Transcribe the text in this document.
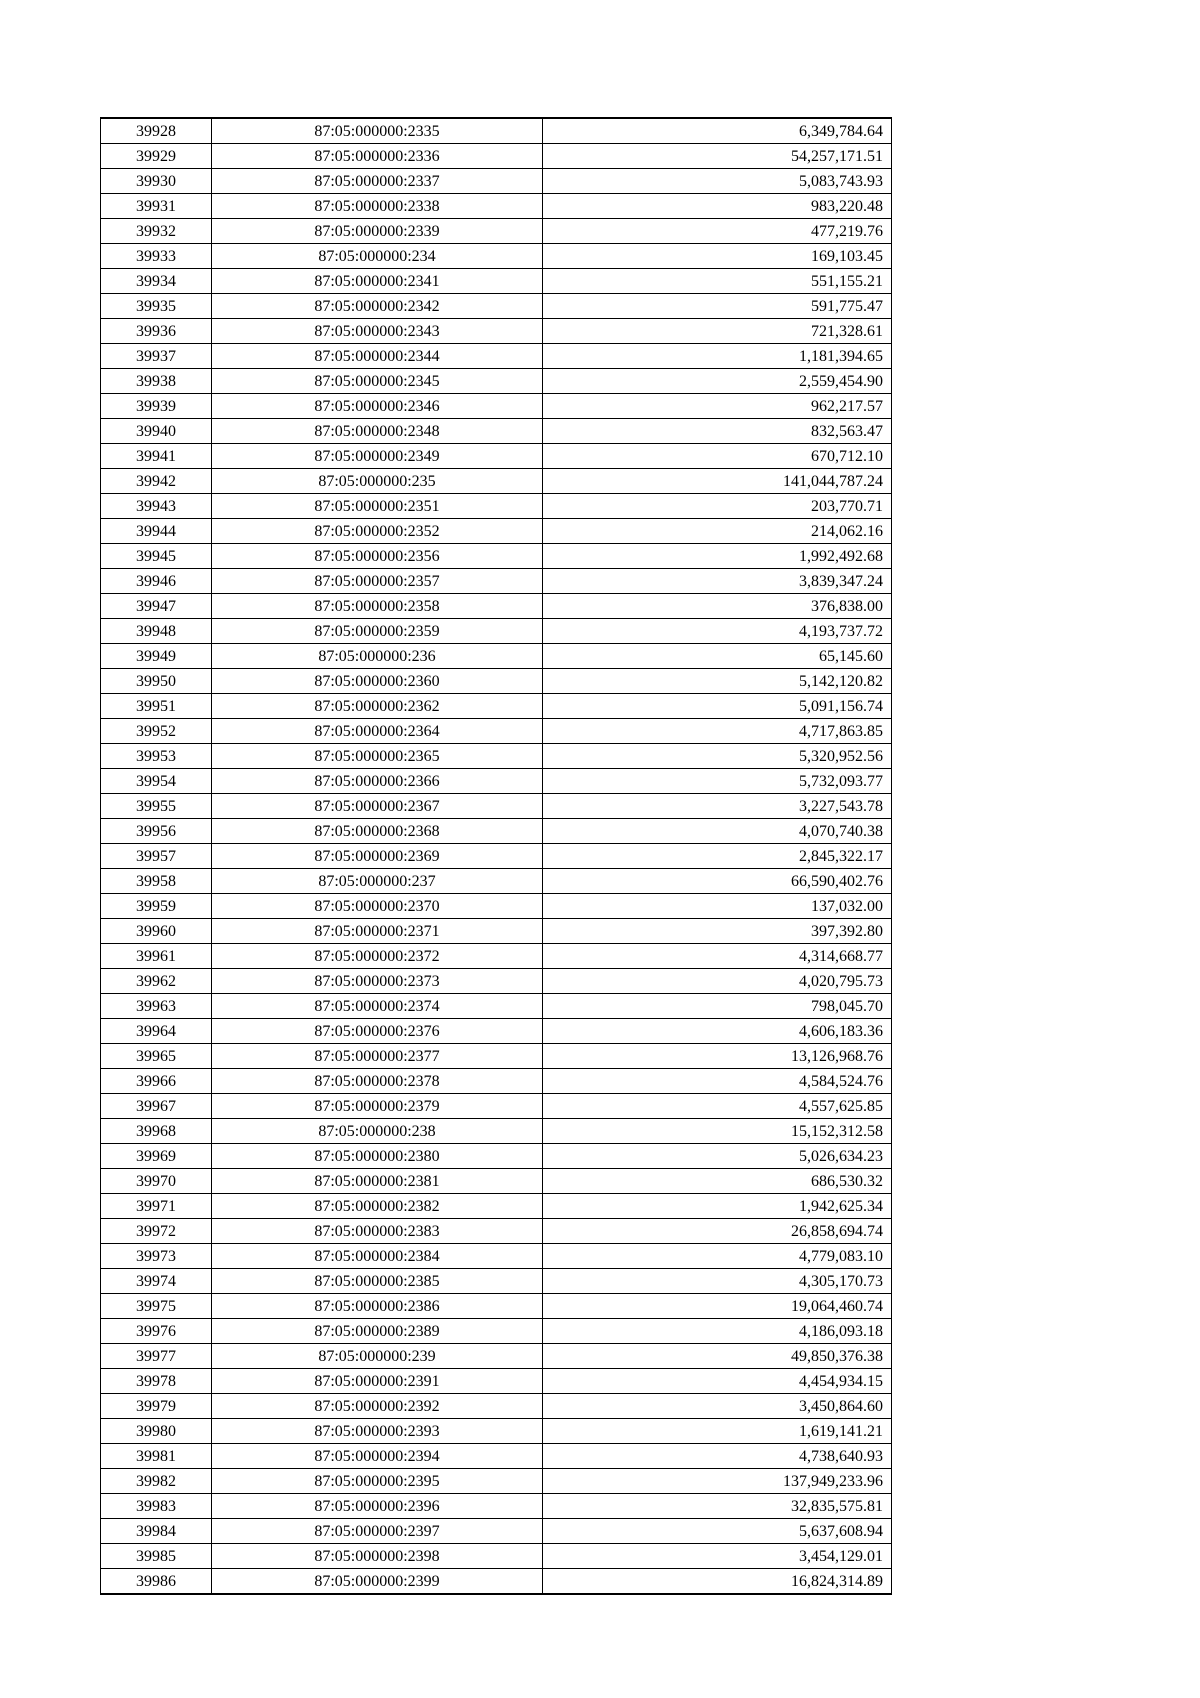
39928	87:05:000000:2335	6,349,784.64
39929	87:05:000000:2336	54,257,171.51
39930	87:05:000000:2337	5,083,743.93
39931	87:05:000000:2338	983,220.48
39932	87:05:000000:2339	477,219.76
39933	87:05:000000:234	169,103.45
39934	87:05:000000:2341	551,155.21
39935	87:05:000000:2342	591,775.47
39936	87:05:000000:2343	721,328.61
39937	87:05:000000:2344	1,181,394.65
39938	87:05:000000:2345	2,559,454.90
39939	87:05:000000:2346	962,217.57
39940	87:05:000000:2348	832,563.47
39941	87:05:000000:2349	670,712.10
39942	87:05:000000:235	141,044,787.24
39943	87:05:000000:2351	203,770.71
39944	87:05:000000:2352	214,062.16
39945	87:05:000000:2356	1,992,492.68
39946	87:05:000000:2357	3,839,347.24
39947	87:05:000000:2358	376,838.00
39948	87:05:000000:2359	4,193,737.72
39949	87:05:000000:236	65,145.60
39950	87:05:000000:2360	5,142,120.82
39951	87:05:000000:2362	5,091,156.74
39952	87:05:000000:2364	4,717,863.85
39953	87:05:000000:2365	5,320,952.56
39954	87:05:000000:2366	5,732,093.77
39955	87:05:000000:2367	3,227,543.78
39956	87:05:000000:2368	4,070,740.38
39957	87:05:000000:2369	2,845,322.17
39958	87:05:000000:237	66,590,402.76
39959	87:05:000000:2370	137,032.00
39960	87:05:000000:2371	397,392.80
39961	87:05:000000:2372	4,314,668.77
39962	87:05:000000:2373	4,020,795.73
39963	87:05:000000:2374	798,045.70
39964	87:05:000000:2376	4,606,183.36
39965	87:05:000000:2377	13,126,968.76
39966	87:05:000000:2378	4,584,524.76
39967	87:05:000000:2379	4,557,625.85
39968	87:05:000000:238	15,152,312.58
39969	87:05:000000:2380	5,026,634.23
39970	87:05:000000:2381	686,530.32
39971	87:05:000000:2382	1,942,625.34
39972	87:05:000000:2383	26,858,694.74
39973	87:05:000000:2384	4,779,083.10
39974	87:05:000000:2385	4,305,170.73
39975	87:05:000000:2386	19,064,460.74
39976	87:05:000000:2389	4,186,093.18
39977	87:05:000000:239	49,850,376.38
39978	87:05:000000:2391	4,454,934.15
39979	87:05:000000:2392	3,450,864.60
39980	87:05:000000:2393	1,619,141.21
39981	87:05:000000:2394	4,738,640.93
39982	87:05:000000:2395	137,949,233.96
39983	87:05:000000:2396	32,835,575.81
39984	87:05:000000:2397	5,637,608.94
39985	87:05:000000:2398	3,454,129.01
39986	87:05:000000:2399	16,824,314.89
